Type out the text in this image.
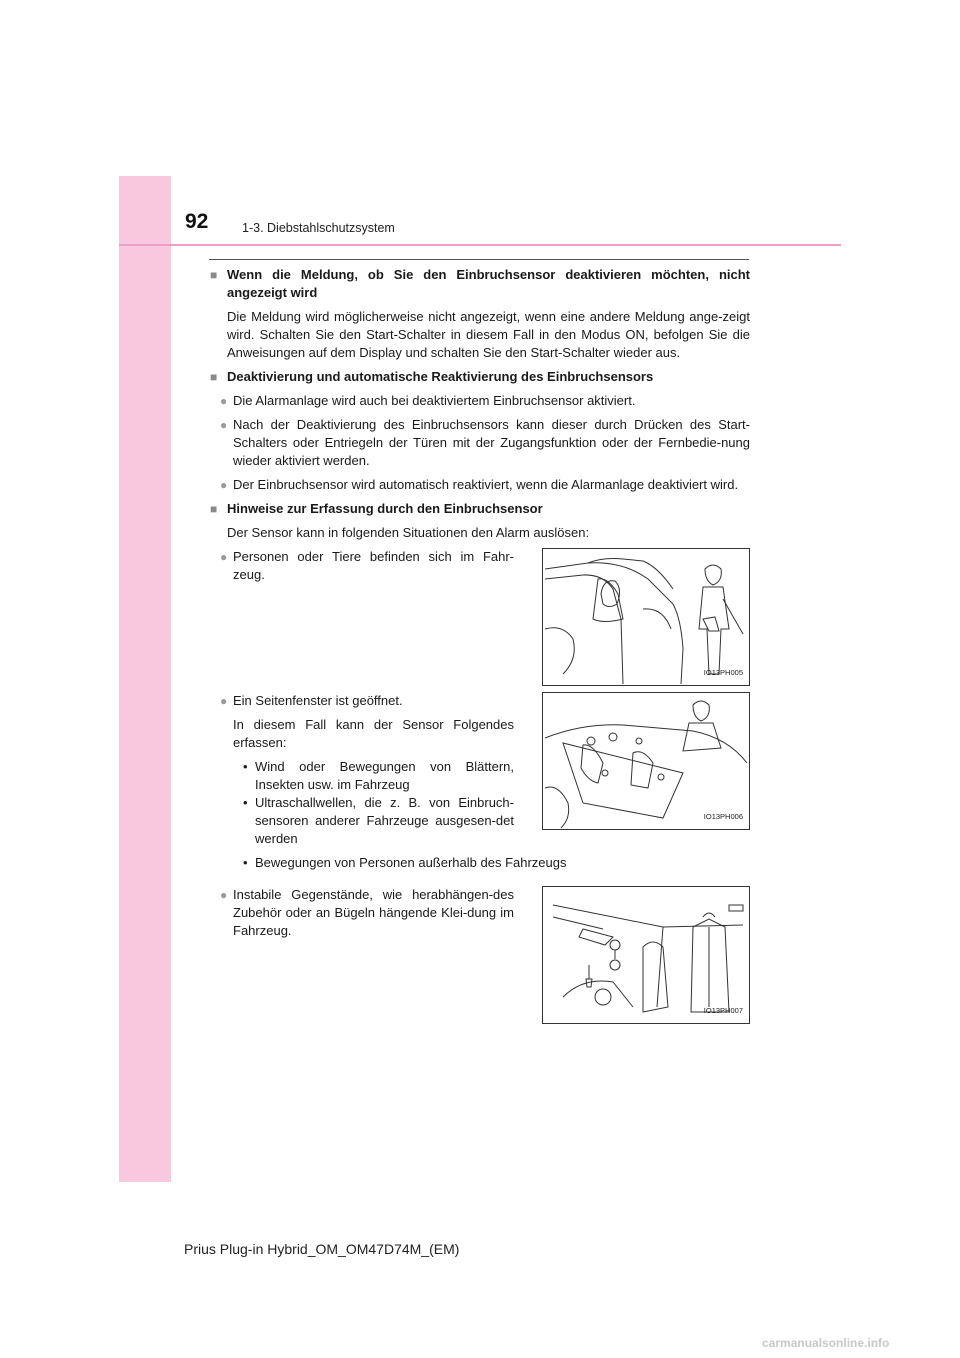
92	1-3. Diebstahlschutzsystem
■ Wenn die Meldung, ob Sie den Einbruchsensor deaktivieren möchten, nicht angezeigt wird
Die Meldung wird möglicherweise nicht angezeigt, wenn eine andere Meldung ange-zeigt wird. Schalten Sie den Start-Schalter in diesem Fall in den Modus ON, befolgen Sie die Anweisungen auf dem Display und schalten Sie den Start-Schalter wieder aus.
■ Deaktivierung und automatische Reaktivierung des Einbruchsensors
● Die Alarmanlage wird auch bei deaktiviertem Einbruchsensor aktiviert.
● Nach der Deaktivierung des Einbruchsensors kann dieser durch Drücken des Start-Schalters oder Entriegeln der Türen mit der Zugangsfunktion oder der Fernbedie-nung wieder aktiviert werden.
● Der Einbruchsensor wird automatisch reaktiviert, wenn die Alarmanlage deaktiviert wird.
■ Hinweise zur Erfassung durch den Einbruchsensor
Der Sensor kann in folgenden Situationen den Alarm auslösen:
● Personen oder Tiere befinden sich im Fahr-zeug.
IO13PH005
● Ein Seitenfenster ist geöffnet.
In diesem Fall kann der Sensor Folgendes erfassen:
• Wind oder Bewegungen von Blättern, Insekten usw. im Fahrzeug
• Ultraschallwellen, die z. B. von Einbruch-sensoren anderer Fahrzeuge ausgesen-det werden
IO13PH006
• Bewegungen von Personen außerhalb des Fahrzeugs
● Instabile Gegenstände, wie herabhängen-des Zubehör oder an Bügeln hängende Klei-dung im Fahrzeug.
IO13PH007
Prius Plug-in Hybrid_OM_OM47D74M_(EM)
carmanualsonline.info
